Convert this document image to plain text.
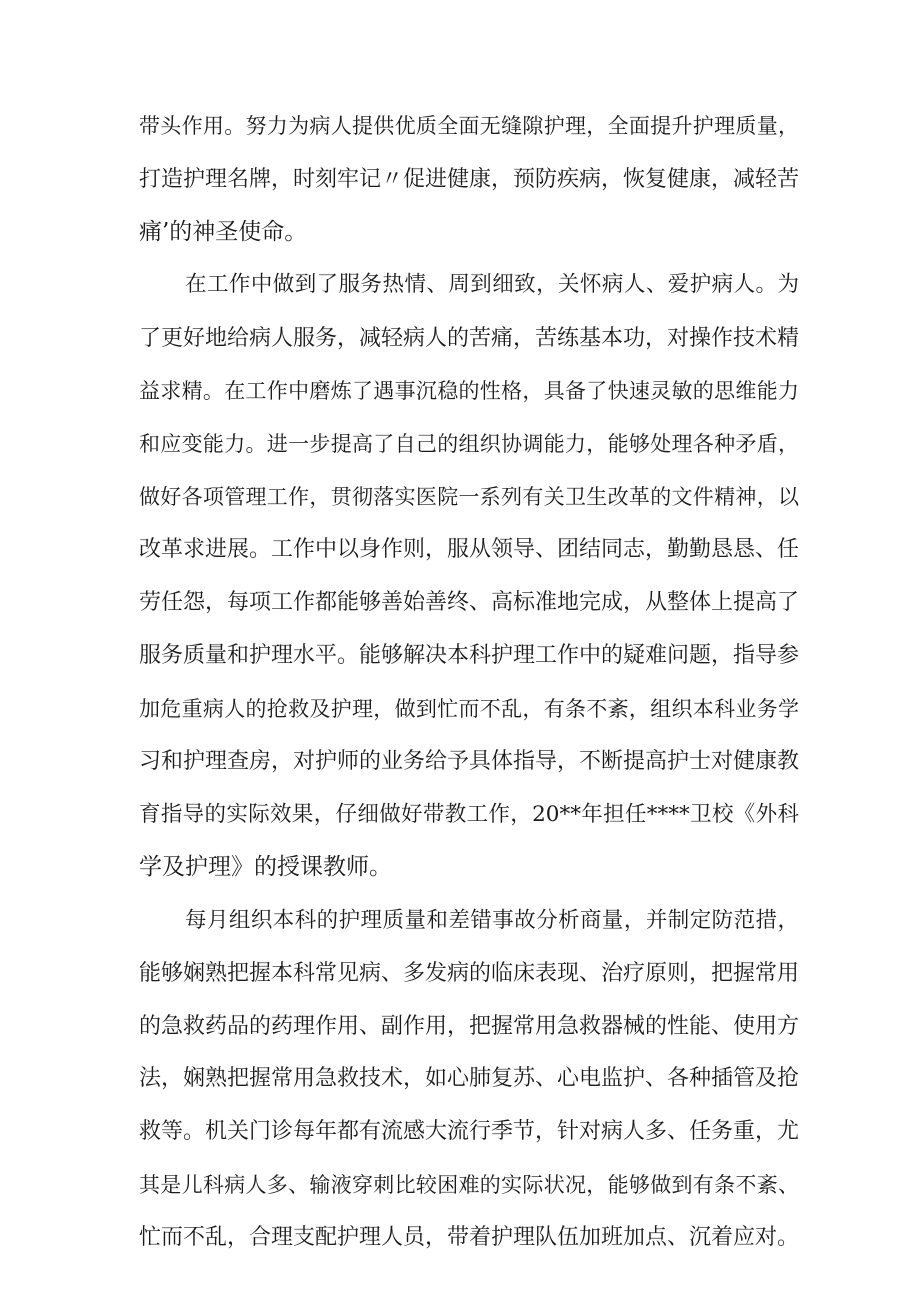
带头作用。努力为病人提供优质全面无缝隙护理，全面提升护理质量，
打造护理名牌，时刻牢记〃促进健康，预防疾病，恢复健康，减轻苦
痛’的神圣使命。
在工作中做到了服务热情、周到细致，关怀病人、爱护病人。为
了更好地给病人服务，减轻病人的苦痛，苦练基本功，对操作技术精
益求精。在工作中磨炼了遇事沉稳的性格，具备了快速灵敏的思维能力
和应变能力。进一步提高了自己的组织协调能力，能够处理各种矛盾，
做好各项管理工作，贯彻落实医院一系列有关卫生改革的文件精神，以
改革求进展。工作中以身作则，服从领导、团结同志，勤勤恳恳、任
劳任怨，每项工作都能够善始善终、高标准地完成，从整体上提高了
服务质量和护理水平。能够解决本科护理工作中的疑难问题，指导参
加危重病人的抢救及护理，做到忙而不乱，有条不紊，组织本科业务学
习和护理查房，对护师的业务给予具体指导，不断提高护士对健康教
育指导的实际效果，仔细做好带教工作，20**年担任****卫校《外科
学及护理》的授课教师。
每月组织本科的护理质量和差错事故分析商量，并制定防范措，
能够娴熟把握本科常见病、多发病的临床表现、治疗原则，把握常用
的急救药品的药理作用、副作用，把握常用急救器械的性能、使用方
法，娴熟把握常用急救技术，如心肺复苏、心电监护、各种插管及抢
救等。机关门诊每年都有流感大流行季节，针对病人多、任务重，尤
其是儿科病人多、输液穿刺比较困难的实际状况，能够做到有条不紊、
忙而不乱，合理支配护理人员，带着护理队伍加班加点、沉着应对。
